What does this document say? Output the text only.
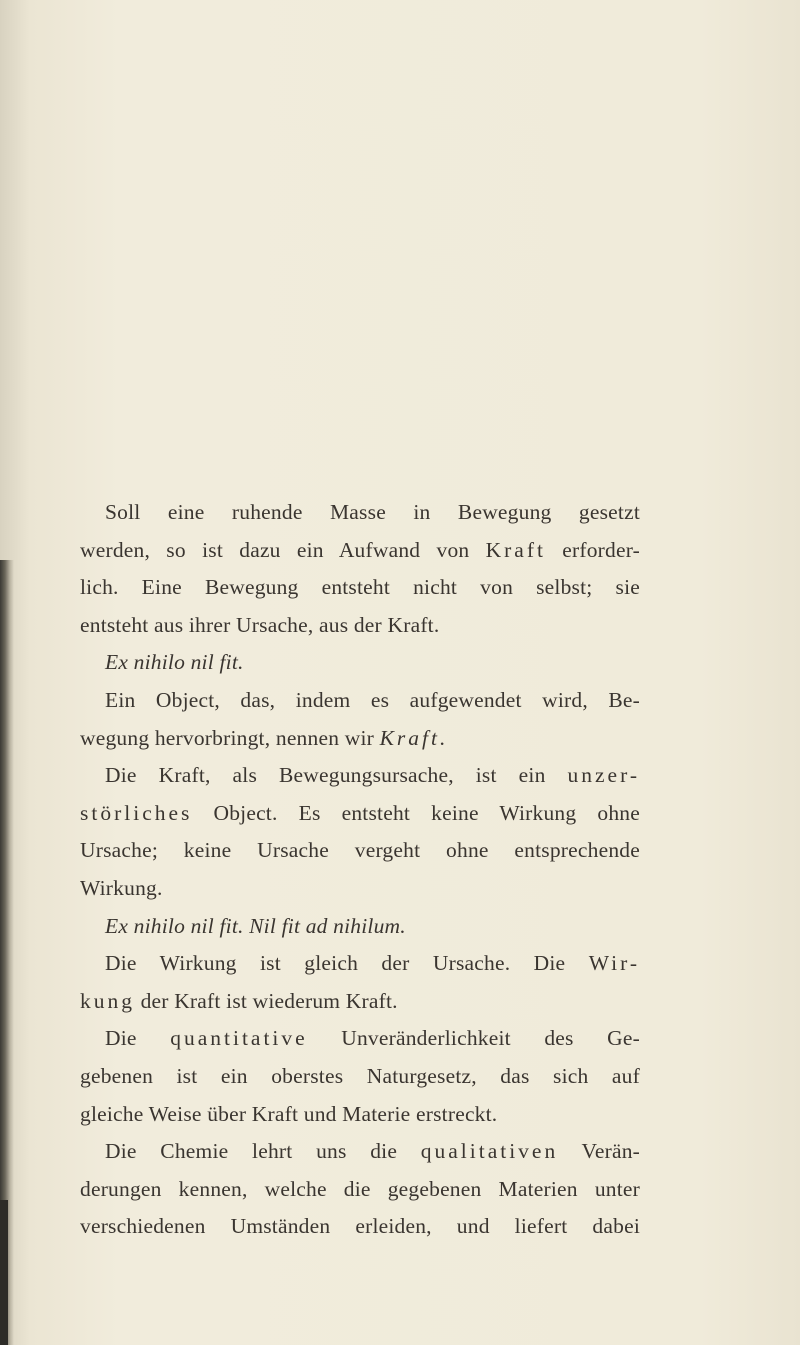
Soll eine ruhende Masse in Bewegung gesetzt
werden, so ist dazu ein Aufwand von Kraft erforder-
lich. Eine Bewegung entsteht nicht von selbst; sie
entsteht aus ihrer Ursache, aus der Kraft.
Ex nihilo nil fit.
Ein Object, das, indem es aufgewendet wird, Be-
wegung hervorbringt, nennen wir Kraft.
Die Kraft, als Bewegungsursache, ist ein unzer-
störliches Object. Es entsteht keine Wirkung ohne
Ursache; keine Ursache vergeht ohne entsprechende
Wirkung.
Ex nihilo nil fit. Nil fit ad nihilum.
Die Wirkung ist gleich der Ursache. Die Wir-
kung der Kraft ist wiederum Kraft.
Die quantitative Unveränderlichkeit des Ge-
gebenen ist ein oberstes Naturgesetz, das sich auf
gleiche Weise über Kraft und Materie erstreckt.
Die Chemie lehrt uns die qualitativen Verän-
derungen kennen, welche die gegebenen Materien unter
verschiedenen Umständen erleiden, und liefert dabei
